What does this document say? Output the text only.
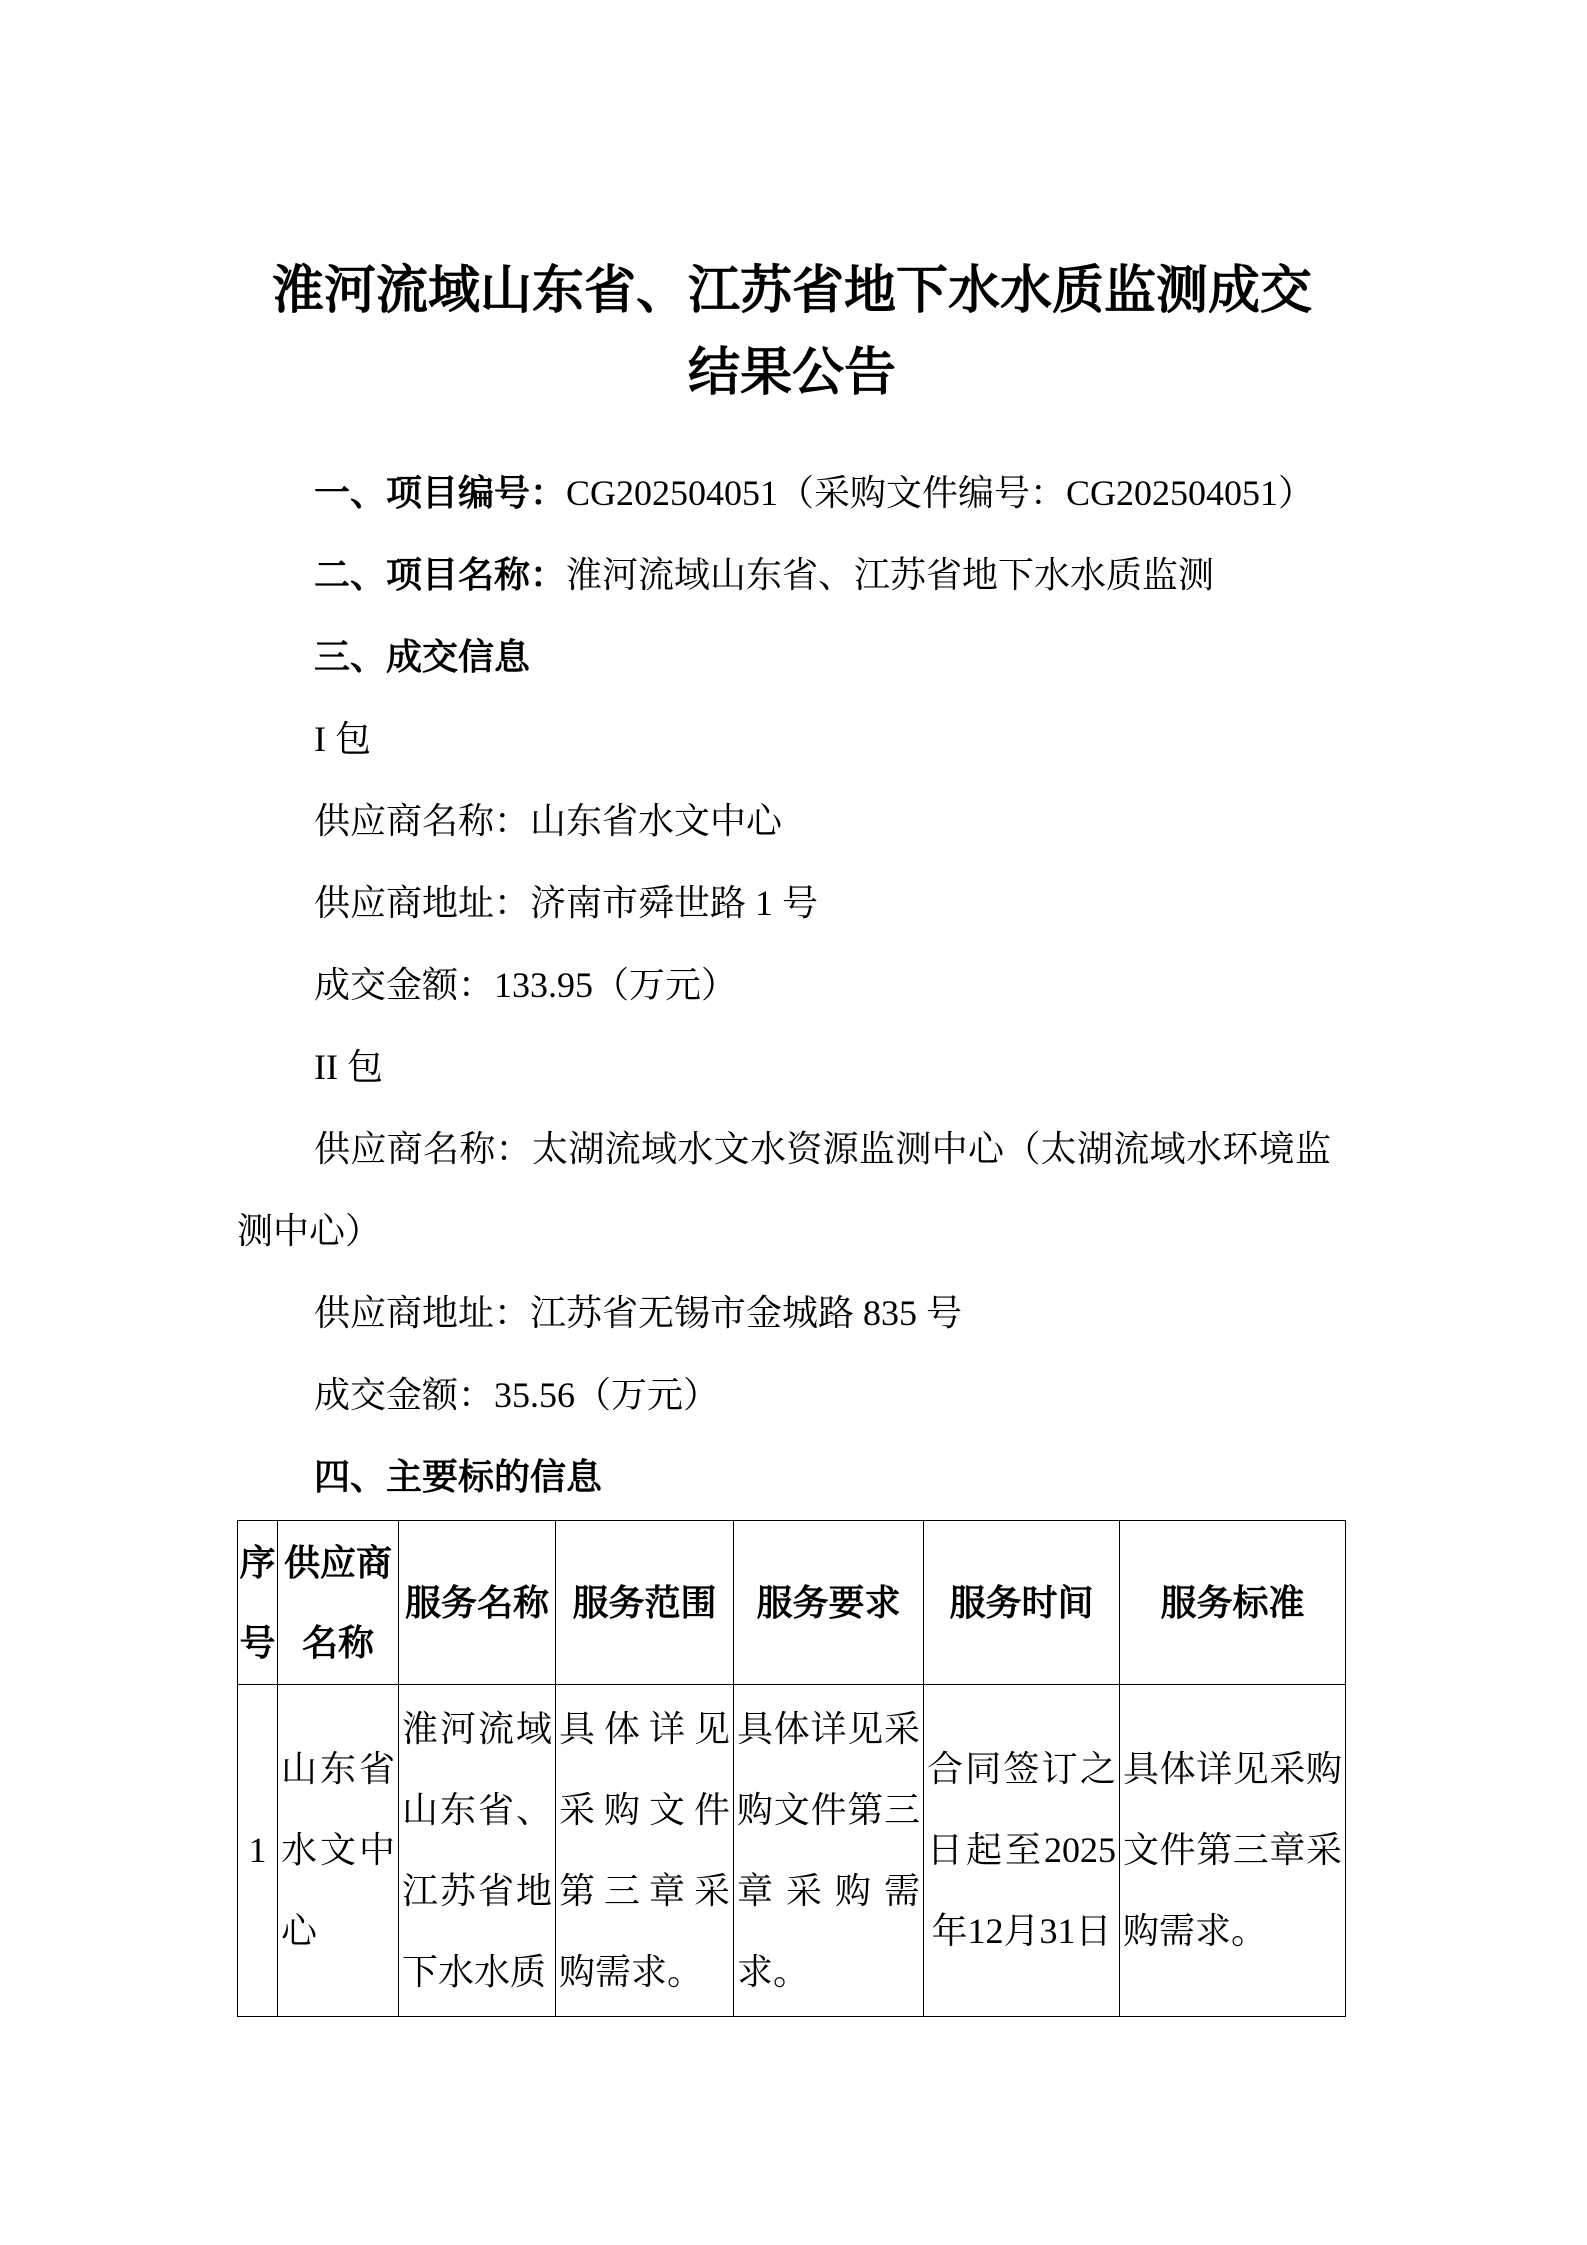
淮河流域山东省、江苏省地下水水质监测成交结果公告

一、项目编号：CG202504051（采购文件编号：CG202504051）

二、项目名称：淮河流域山东省、江苏省地下水水质监测

三、成交信息

I 包

供应商名称：山东省水文中心

供应商地址：济南市舜世路 1 号

成交金额：133.95（万元）

II 包

供应商名称：太湖流域水文水资源监测中心（太湖流域水环境监测中心）

供应商地址：江苏省无锡市金城路 835 号

成交金额：35.56（万元）

四、主要标的信息

序号	供应商名称	服务名称	服务范围	服务要求	服务时间	服务标准
1	山东省水文中心	淮河流域山东省、江苏省地下水水质	具体详见采购文件第三章采购需求。	具体详见采购文件第三章采购需求。	合同签订之日起至2025年12月31日	具体详见采购文件第三章采购需求。
